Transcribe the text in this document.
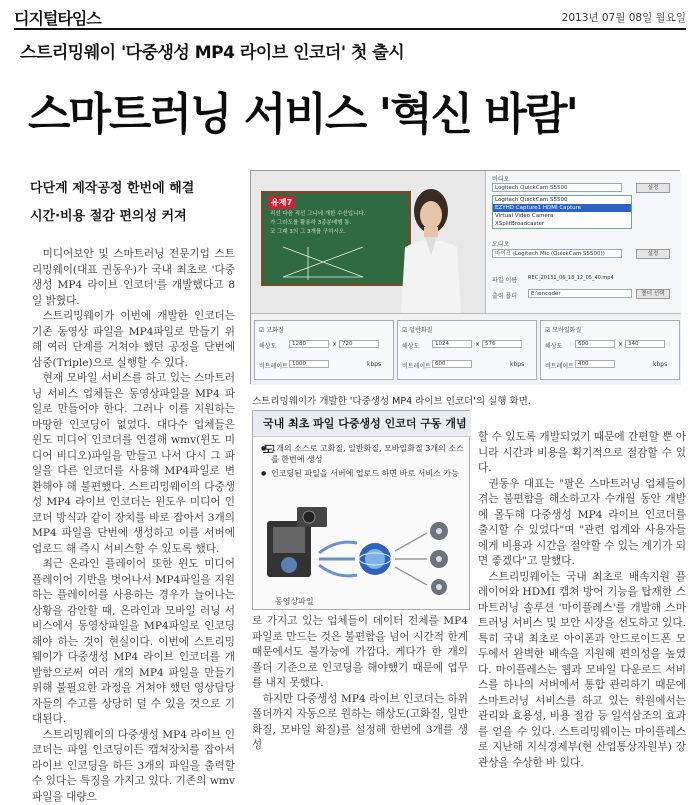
디지털타임스	2013년 07월 08일 월요일
스트리밍웨이 '다중생성 MP4 라이브 인코더' 첫 출시
스마트러닝 서비스 '혁신 바람'
다단계 제작공정 한번에 해결
시간·비용 절감 편의성 커져

미디어보안 및 스마트러닝 전문기업 스트리밍웨이(대표 권동우)가 국내 최초로 '다중생성 MP4 라이브 인코더'를 개발했다고 8일 밝혔다.

스트리밍웨이가 이번에 개발한 인코더는 기존 동영상 파일을 MP4파일로 만들기 위해 여러 단계를 거쳐야 했던 공정을 단번에 삼중(Triple)으로 실행할 수 있다.

현재 모바일 서비스를 하고 있는 스마트러닝 서비스 업체들은 동영상파일을 MP4 파일로 만들어야 한다. 그러나 이를 지원하는 마땅한 인코딩이 없었다. 대다수 업체들은 윈도 미디어 인코더를 연결해 wmv(윈도 미디어 비디오)파일을 만들고 나서 다시 그 파일을 다른 인코더를 사용해 MP4파일로 변환해야 해 불편했다. 스트리밍웨이의 다중생성 MP4 라이브 인코더는 윈도우 미디어 인코더 방식과 같이 장치를 바로 잡아서 3개의 MP4 파일을 단번에 생성하고 이를 서버에 업로드 해 즉시 서비스할 수 있도록 했다.

최근 온라인 플레이어 또한 윈도 미디어 플레이어 기반을 벗어나서 MP4파일을 지원하는 플레이어를 사용하는 경우가 늘어나는 상황을 감안할 때, 온라인과 모바일 러닝 서비스에서 동영상파일을 MP4파일로 인코딩 해야 하는 것이 현실이다. 이번에 스트리밍웨이가 다중생성 MP4 라이브 인코더를 개발함으로써 여러 개의 MP4 파일을 만들기 위해 불필요한 과정을 거쳐야 했던 영상담당자들의 수고를 상당히 덜 수 있을 것으로 기대된다.

스트리밍웨이의 다중생성 MP4 라이브 인코더는 파일 인코딩이든 캡쳐장치를 잡아서 라이브 인코딩을 하든 3개의 파일을 출력할 수 있다는 특징을 가지고 있다. 기존의 wmv파일을 대량으

유제7
직선 다음 직선 그니네 개한 수선입니다.
가 그라도를 활용하 3종분배행 통.
코 그래 3의 그 3개를 구하시오.
비디오
Logitech QuickCam S5500	설정
Logitech QuickCam S5500
EZYHD Capture1 HDMI Capture
Virtual Video Camera
XSplitBroadcaster
오디오
마이크 (Logitech Mic (QuickCam S5500))	설정
파일 이름 REC_20131_06_18_12_05_40.mp4
출력 폴더	E:\encoder	폴더 선택
☑ 고화질
해상도	1280	× 720
비트레이트 1000	kbps
☑ 일반화질
해상도	1024	× 576
비트레이트 600	kbps
☑ 모바일화질
해상도	600	× 340
비트레이트 400	kbps
스트리밍웨이가 개발한 '다중생성 MP4 라이브 인코더'의 실행 화면.
국내 최초 파일 다중생성 인코더 구동 개념도
● 1개의 소스로 고화질, 일반화질, 모바일화질 3개의 소스를 한번에 생성
● 인코딩된 파일을 서버에 업로드 하면 바로 서비스 가능
동영상파일

로 가지고 있는 업체들이 데이터 전체를 MP4파일로 만드는 것은 불편함을 넘어 시간적 한계 때문에서도 불가능에 가깝다. 게다가 한 개의 폴더 기준으로 인코딩을 해야했기 때문에 업무를 내지 못했다.

하지만 다중생성 MP4 라이브 인코더는 하위 폴더까지 자동으로 원하는 해상도(고화질, 일반화질, 모바일 화질)를 설정해 한번에 3개를 생성

할 수 있도록 개발되었기 때문에 간편할 뿐 아니라 시간과 비용을 획기적으로 절감할 수 있다.

권동우 대표는 "팔은 스마트러닝 업체들이 겪는 불편함을 해소하고자 수개월 동안 개발에 몰두해 다중생성 MP4 라이브 인코더를 출시할 수 있었다"며 "관련 업계와 사용자들에게 비용과 시간을 절약할 수 있는 계기가 되면 좋겠다"고 말했다.

스트리밍웨이는 국내 최초로 배속지원 플레이어와 HDMI 캡쳐 방어 기능을 탑재한 스마트러닝 솔루션 '마이플레스'를 개발해 스마트러닝 서비스 및 보안 시장을 선도하고 있다. 특히 국내 최초로 아이폰과 안드로이드폰 모두에서 완벽한 배속을 지원해 편의성을 높였다. 마이플레스는 웹과 모바일 다운로드 서비스를 하나의 서버에서 통합 관리하기 때문에 스마트러닝 서비스를 하고 있는 학원에서는 관리와 효용성, 비용 절감 등 일석삼조의 효과를 얻을 수 있다. 스트리밍웨이는 마이플레스로 지난해 지식경제부(현 산업통상자원부) 장관상을 수상한 바 있다.
